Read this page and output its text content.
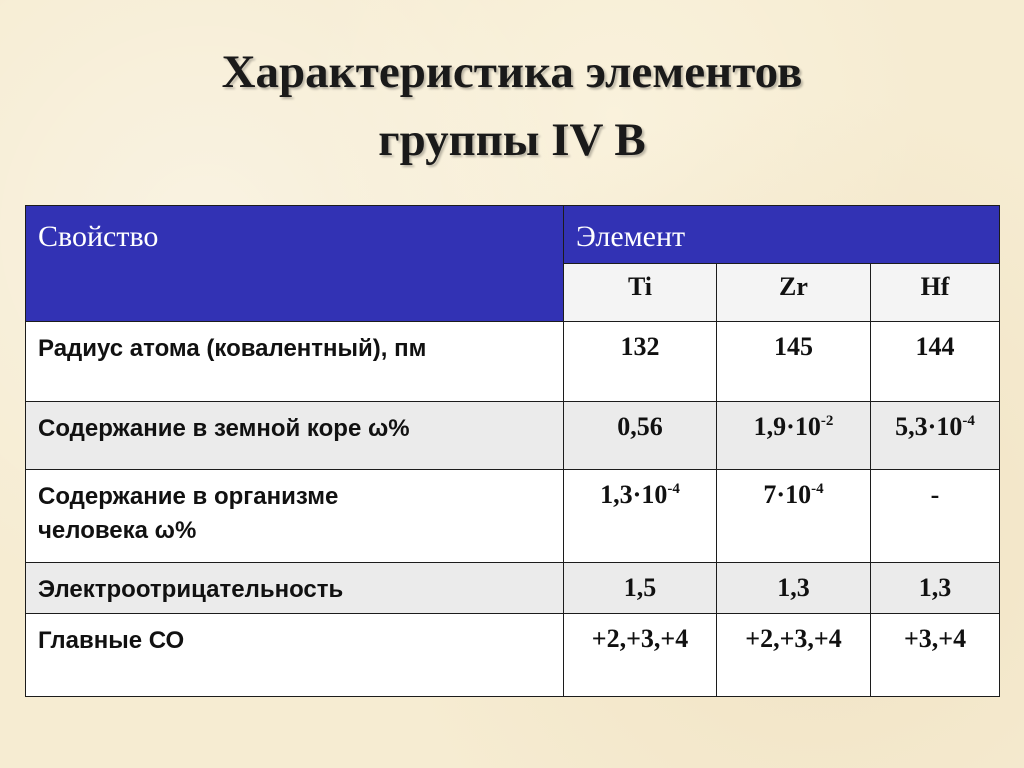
Характеристика элементов
группы IV В
Свойство	Элемент		
	Ti	Zr	Hf
Радиус атома (ковалентный), пм	132	145	144
Содержание в земной коре ω%	0,56	$1,9\cdot 10^{-2}$	$5,3\cdot 10^{-4}$
Содержание в организме
человека ω%	$1,3\cdot 10^{-4}$	$7\cdot 10^{-4}$	-
Электроотрицательность	1,5	1,3	1,3
Главные СО	+2,+3,+4	+2,+3,+4	+3,+4
